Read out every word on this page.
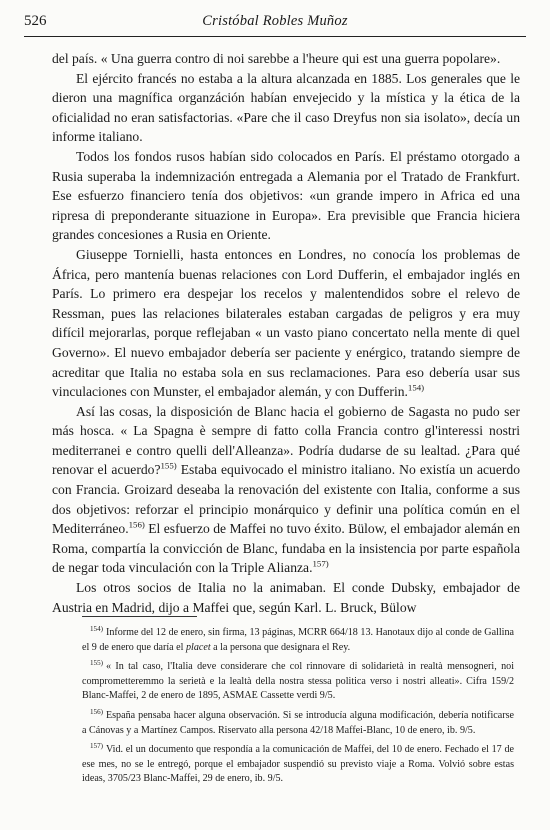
526	Cristóbal Robles Muñoz

del país. « Una guerra contro di noi sarebbe a l'heure qui est una guerra popolare».

El ejército francés no estaba a la altura alcanzada en 1885. Los generales que le dieron una magnífica organzáción habían envejecido y la mística y la ética de la oficialidad no eran satisfactorias. «Pare che il caso Dreyfus non sia isolato», decía un informe italiano.

Todos los fondos rusos habían sido colocados en París. El préstamo otorgado a Rusia superaba la indemnización entregada a Alemania por el Tratado de Frankfurt. Ese esfuerzo financiero tenía dos objetivos: «un grande impero in Africa ed una ripresa di preponderante situazione in Europa». Era previsible que Francia hiciera grandes concesiones a Rusia en Oriente.

Giuseppe Tornielli, hasta entonces en Londres, no conocía los problemas de África, pero mantenía buenas relaciones con Lord Dufferin, el embajador inglés en París. Lo primero era despejar los recelos y malentendidos sobre el relevo de Ressman, pues las relaciones bilaterales estaban cargadas de peligros y era muy difícil mejorarlas, porque reflejaban « un vasto piano concertato nella mente di quel Governo». El nuevo embajador debería ser paciente y enérgico, tratando siempre de acreditar que Italia no estaba sola en sus reclamaciones. Para eso debería usar sus vinculaciones con Munster, el embajador alemán, y con Dufferin.$^{154)}$

Así las cosas, la disposición de Blanc hacia el gobierno de Sagasta no pudo ser más hosca. « La Spagna è sempre di fatto colla Francia contro gl'interessi nostri mediterranei e contro quelli dell'Alleanza». Podría dudarse de su lealtad. ¿Para qué renovar el acuerdo?$^{155)}$ Estaba equivocado el ministro italiano. No existía un acuerdo con Francia. Groizard deseaba la renovación del existente con Italia, conforme a sus dos objetivos: reforzar el principio monárquico y definir una política común en el Mediterráneo.$^{156)}$ El esfuerzo de Maffei no tuvo éxito. Bülow, el embajador alemán en Roma, compartía la convicción de Blanc, fundaba en la insistencia por parte española de negar toda vinculación con la Triple Alianza.$^{157)}$

Los otros socios de Italia no la animaban. El conde Dubsky, embajador de Austria en Madrid, dijo a Maffei que, según Karl. L. Bruck, Bülow

$^{154)}$ Informe del 12 de enero, sin firma, 13 páginas, MCRR 664/18 13. Hanotaux dijo al conde de Gallina el 9 de enero que daría el placet a la persona que designara el Rey.

$^{155)}$ « In tal caso, l'Italia deve considerare che col rinnovare di solidarietà in realtà mensogneri, noi comprometteremmo la serietà e la lealtà della nostra stessa politica verso i nostri alleati». Cifra 159/2 Blanc-Maffei, 2 de enero de 1895, ASMAE Cassette verdi 9/5.

$^{156)}$ España pensaba hacer alguna observación. Si se introducía alguna modificación, debería notificarse a Cánovas y a Martínez Campos. Riservato alla persona 42/18 Maffei-Blanc, 10 de enero, ib. 9/5.

$^{157)}$ Vid. el un documento que respondía a la comunicación de Maffei, del 10 de enero. Fechado el 17 de ese mes, no se le entregó, porque el embajador suspendió su previsto viaje a Roma. Volvió sobre estas ideas, 3705/23 Blanc-Maffei, 29 de enero, ib. 9/5.
